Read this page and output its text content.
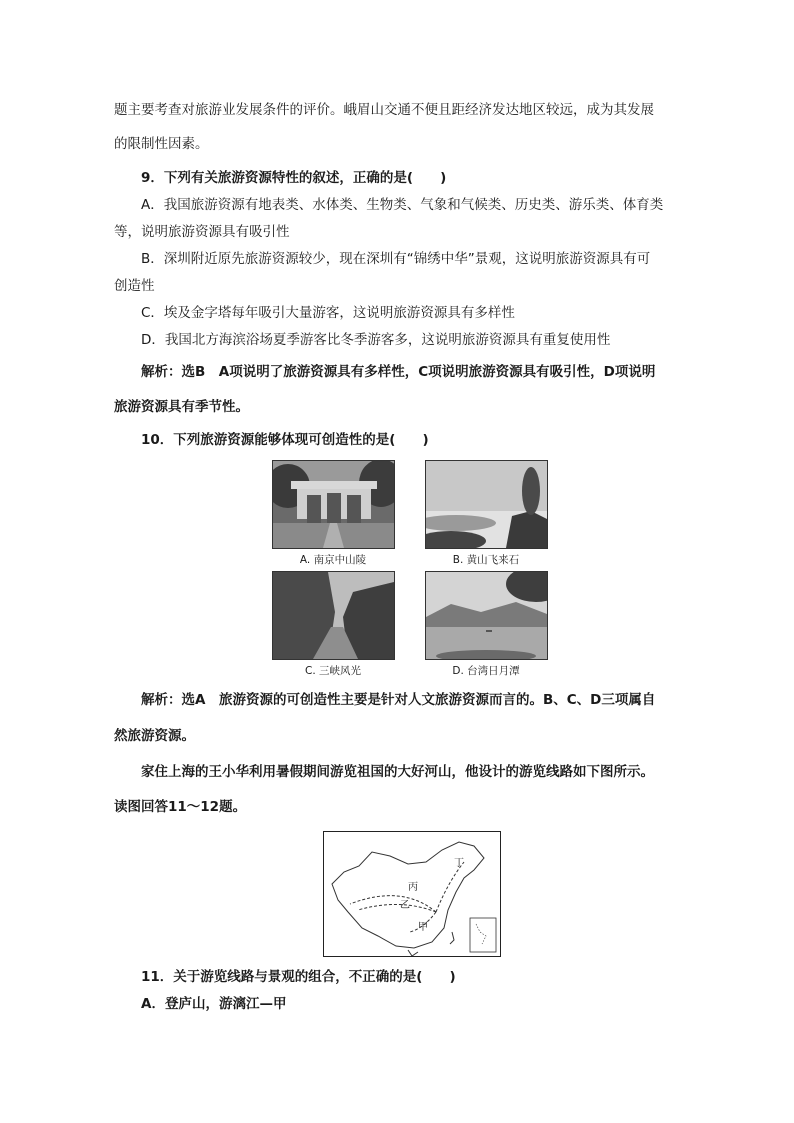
题主要考查对旅游业发展条件的评价。峨眉山交通不便且距经济发达地区较远，成为其发展
的限制性因素。
9．下列有关旅游资源特性的叙述，正确的是(　　)
A．我国旅游资源有地表类、水体类、生物类、气象和气候类、历史类、游乐类、体育类
等，说明旅游资源具有吸引性
B．深圳附近原先旅游资源较少，现在深圳有“锦绣中华”景观，这说明旅游资源具有可
创造性
C．埃及金字塔每年吸引大量游客，这说明旅游资源具有多样性
D．我国北方海滨浴场夏季游客比冬季游客多，这说明旅游资源具有重复使用性
解析：选B　A项说明了旅游资源具有多样性，C项说明旅游资源具有吸引性，D项说明
旅游资源具有季节性。
10．下列旅游资源能够体现可创造性的是(　　)
A. 南京中山陵	B. 黄山飞来石
C. 三峡风光	D. 台湾日月潭
解析：选A　旅游资源的可创造性主要是针对人文旅游资源而言的。B、C、D三项属自
然旅游资源。
家住上海的王小华利用暑假期间游览祖国的大好河山，他设计的游览线路如下图所示。
读图回答11～12题。
丁
丙
乙
甲
11．关于游览线路与景观的组合，不正确的是(　　)
A．登庐山，游漓江—甲
